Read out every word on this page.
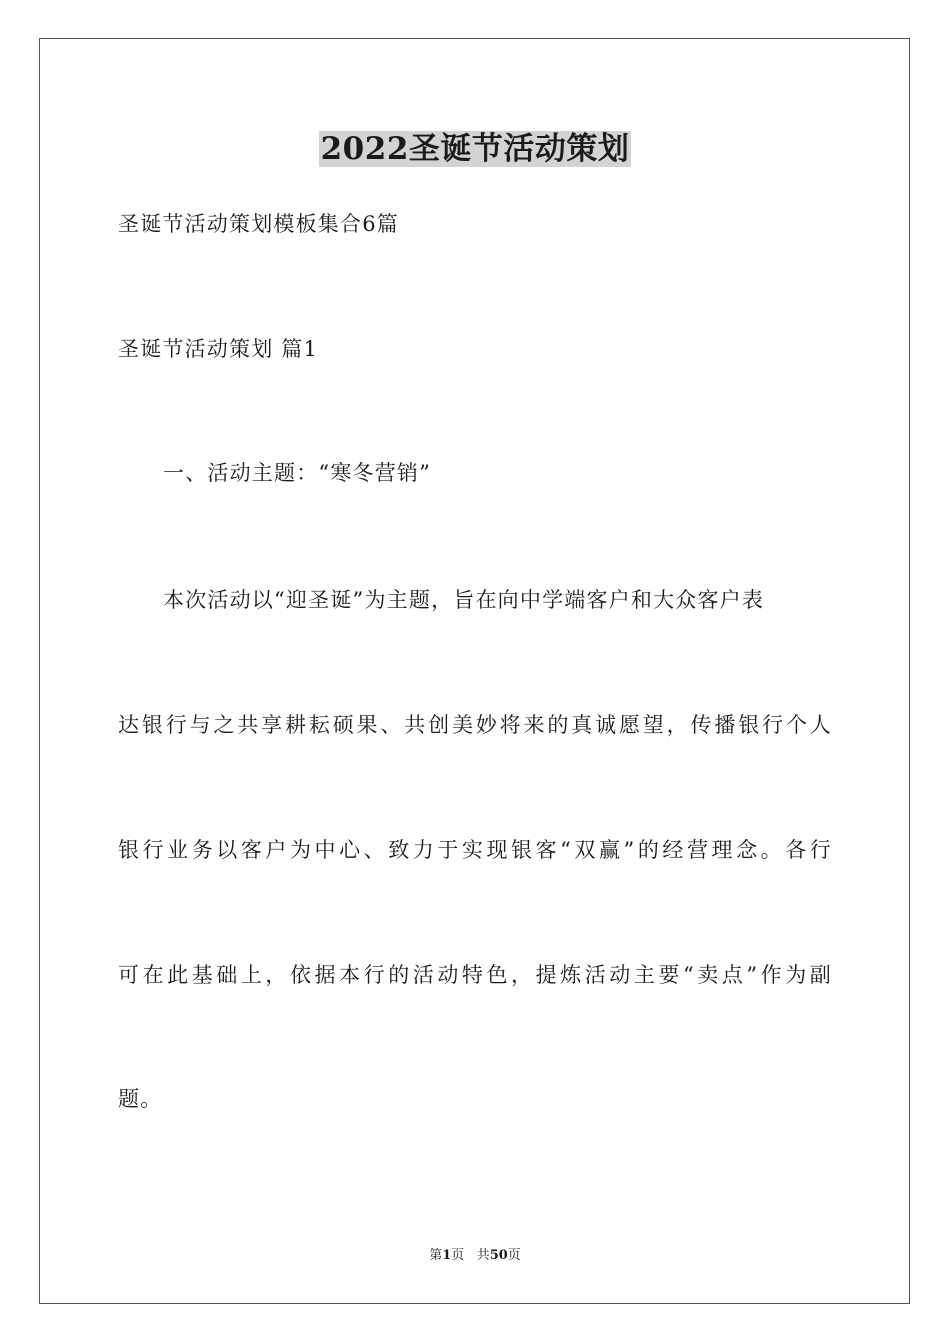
2022圣诞节活动策划

圣诞节活动策划模板集合6篇

圣诞节活动策划 篇1

一、活动主题：“寒冬营销”

本次活动以“迎圣诞”为主题，旨在向中学端客户和大众客户表

达银行与之共享耕耘硕果、共创美妙将来的真诚愿望，传播银行个人

银行业务以客户为中心、致力于实现银客“双赢”的经营理念。各行

可在此基础上，依据本行的活动特色，提炼活动主要“卖点”作为副

题。

第1页 共50页
